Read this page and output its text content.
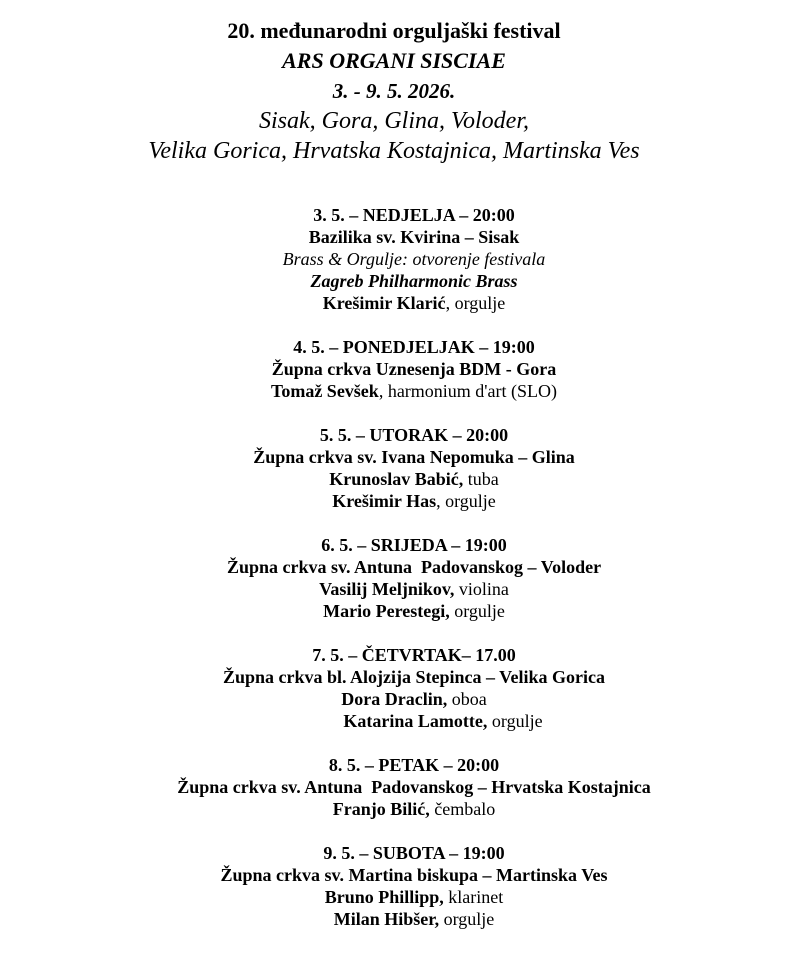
20. međunarodni orguljaški festival
ARS ORGANI SISCIAE
3. - 9. 5. 2026.
Sisak, Gora, Glina, Voloder,
Velika Gorica, Hrvatska Kostajnica, Martinska Ves
3. 5. – NEDJELJA – 20:00
Bazilika sv. Kvirina – Sisak
Brass & Orgulje: otvorenje festivala
Zagreb Philharmonic Brass
Krešimir Klarić, orgulje
4. 5. – PONEDJELJAK – 19:00
Župna crkva Uznesenja BDM - Gora
Tomaž Sevšek, harmonium d'art (SLO)
5. 5. – UTORAK – 20:00
Župna crkva sv. Ivana Nepomuka – Glina
Krunoslav Babić, tuba
Krešimir Has, orgulje
6. 5. – SRIJEDA – 19:00
Župna crkva sv. Antuna  Padovanskog – Voloder
Vasilij Meljnikov, violina
Mario Perestegi, orgulje
7. 5. – ČETVRTAK– 17.00
Župna crkva bl. Alojzija Stepinca – Velika Gorica
Dora Draclin, oboa
Katarina Lamotte, orgulje
8. 5. – PETAK – 20:00
Župna crkva sv. Antuna  Padovanskog – Hrvatska Kostajnica
Franjo Bilić, čembalo
9. 5. – SUBOTA – 19:00
Župna crkva sv. Martina biskupa – Martinska Ves
Bruno Phillipp, klarinet
Milan Hibšer, orgulje
